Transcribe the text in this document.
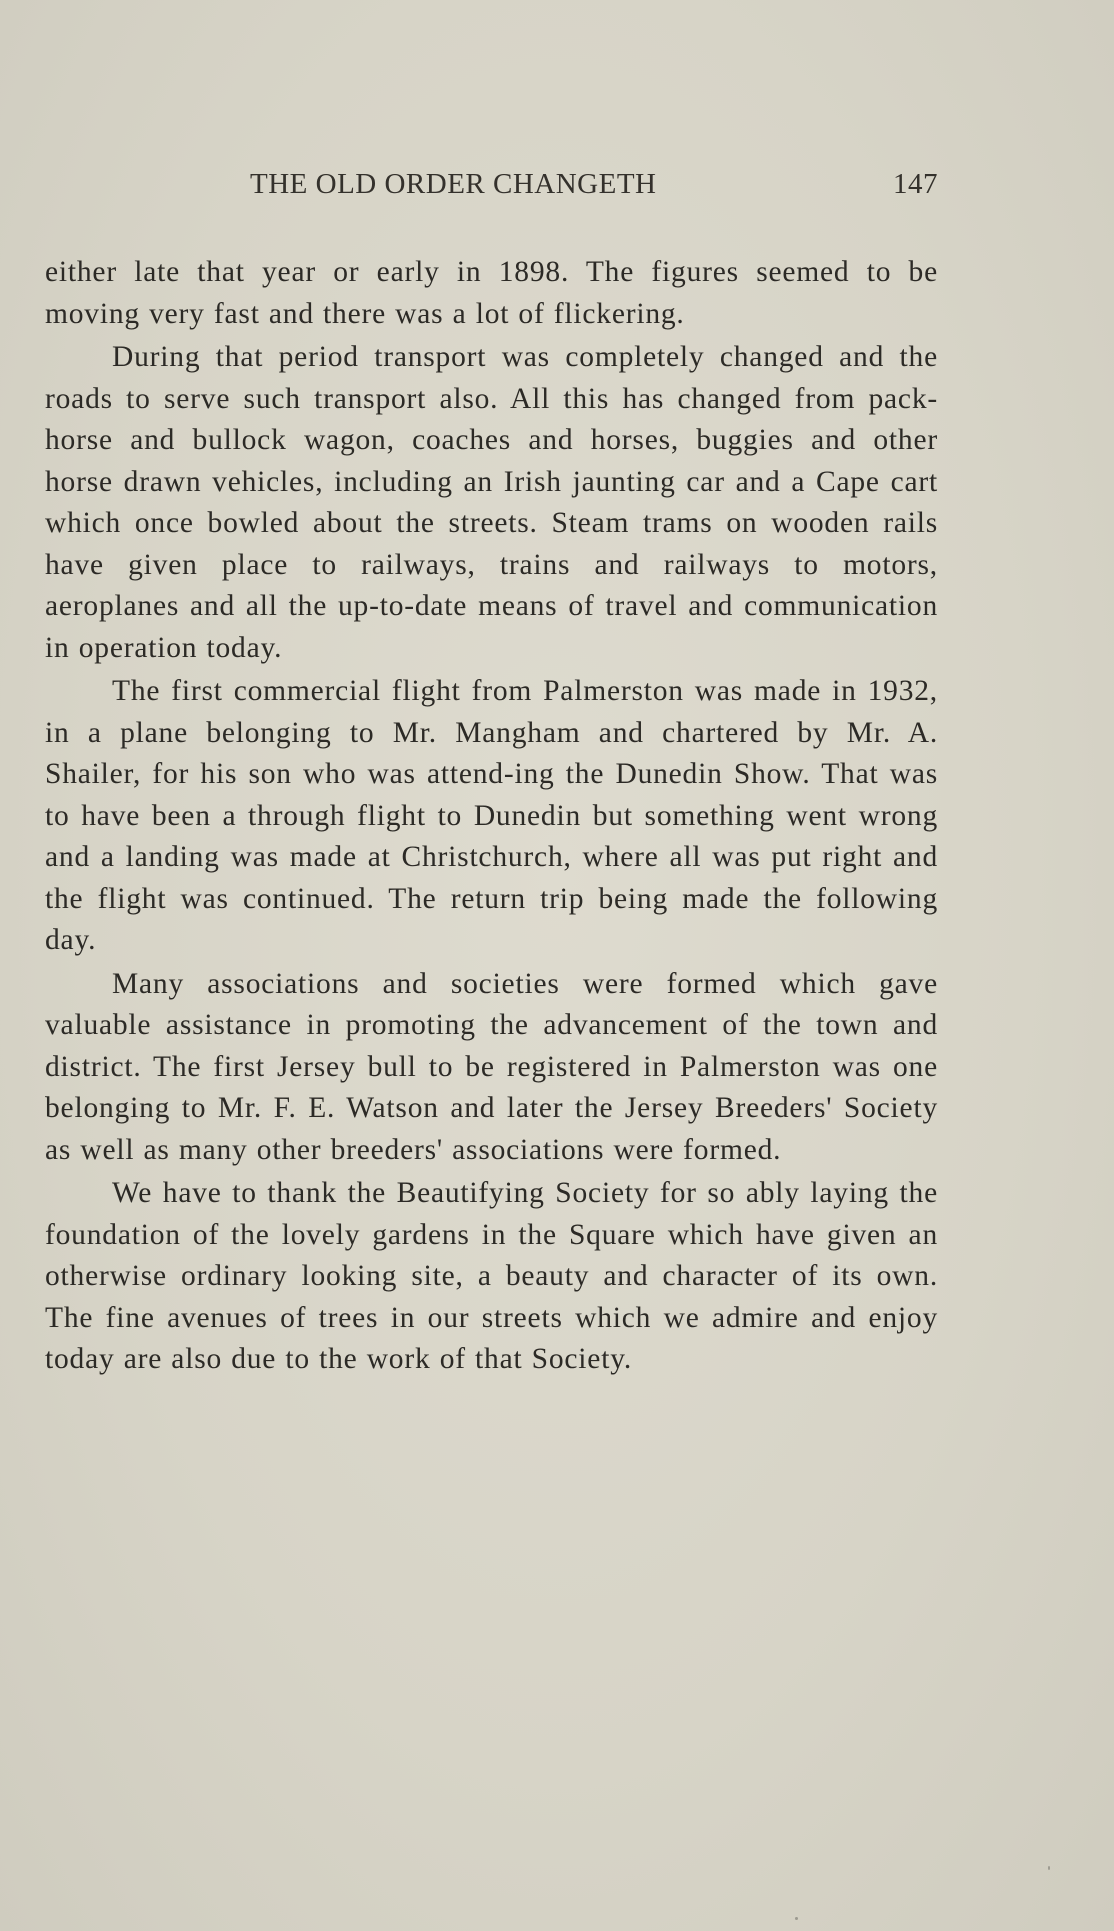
THE OLD ORDER CHANGETH	147

either late that year or early in 1898. The figures seemed to be moving very fast and there was a lot of flickering.

During that period transport was completely changed and the roads to serve such transport also. All this has changed from pack-horse and bullock wagon, coaches and horses, buggies and other horse drawn vehicles, including an Irish jaunting car and a Cape cart which once bowled about the streets. Steam trams on wooden rails have given place to railways, trains and railways to motors, aeroplanes and all the up-to-date means of travel and communication in operation today.

The first commercial flight from Palmerston was made in 1932, in a plane belonging to Mr. Mangham and chartered by Mr. A. Shailer, for his son who was attend-ing the Dunedin Show. That was to have been a through flight to Dunedin but something went wrong and a landing was made at Christchurch, where all was put right and the flight was continued. The return trip being made the following day.

Many associations and societies were formed which gave valuable assistance in promoting the advancement of the town and district. The first Jersey bull to be registered in Palmerston was one belonging to Mr. F. E. Watson and later the Jersey Breeders' Society as well as many other breeders' associations were formed.

We have to thank the Beautifying Society for so ably laying the foundation of the lovely gardens in the Square which have given an otherwise ordinary looking site, a beauty and character of its own. The fine avenues of trees in our streets which we admire and enjoy today are also due to the work of that Society.
